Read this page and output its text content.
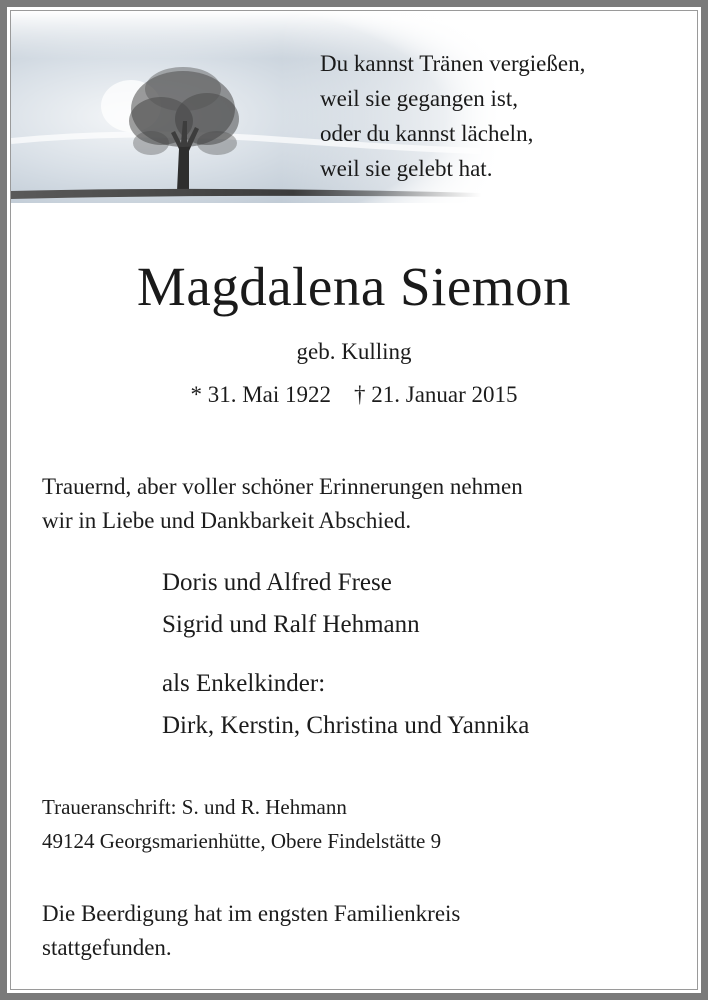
Du kannst Tränen vergießen,
weil sie gegangen ist,
oder du kannst lächeln,
weil sie gelebt hat.
Magdalena Siemon
geb. Kulling
* 31. Mai 1922 † 21. Januar 2015
Trauernd, aber voller schöner Erinnerungen nehmen
wir in Liebe und Dankbarkeit Abschied.
Doris und Alfred Frese
Sigrid und Ralf Hehmann
als Enkelkinder:
Dirk, Kerstin, Christina und Yannika
Traueranschrift: S. und R. Hehmann
49124 Georgsmarienhütte, Obere Findelstätte 9
Die Beerdigung hat im engsten Familienkreis
stattgefunden.
